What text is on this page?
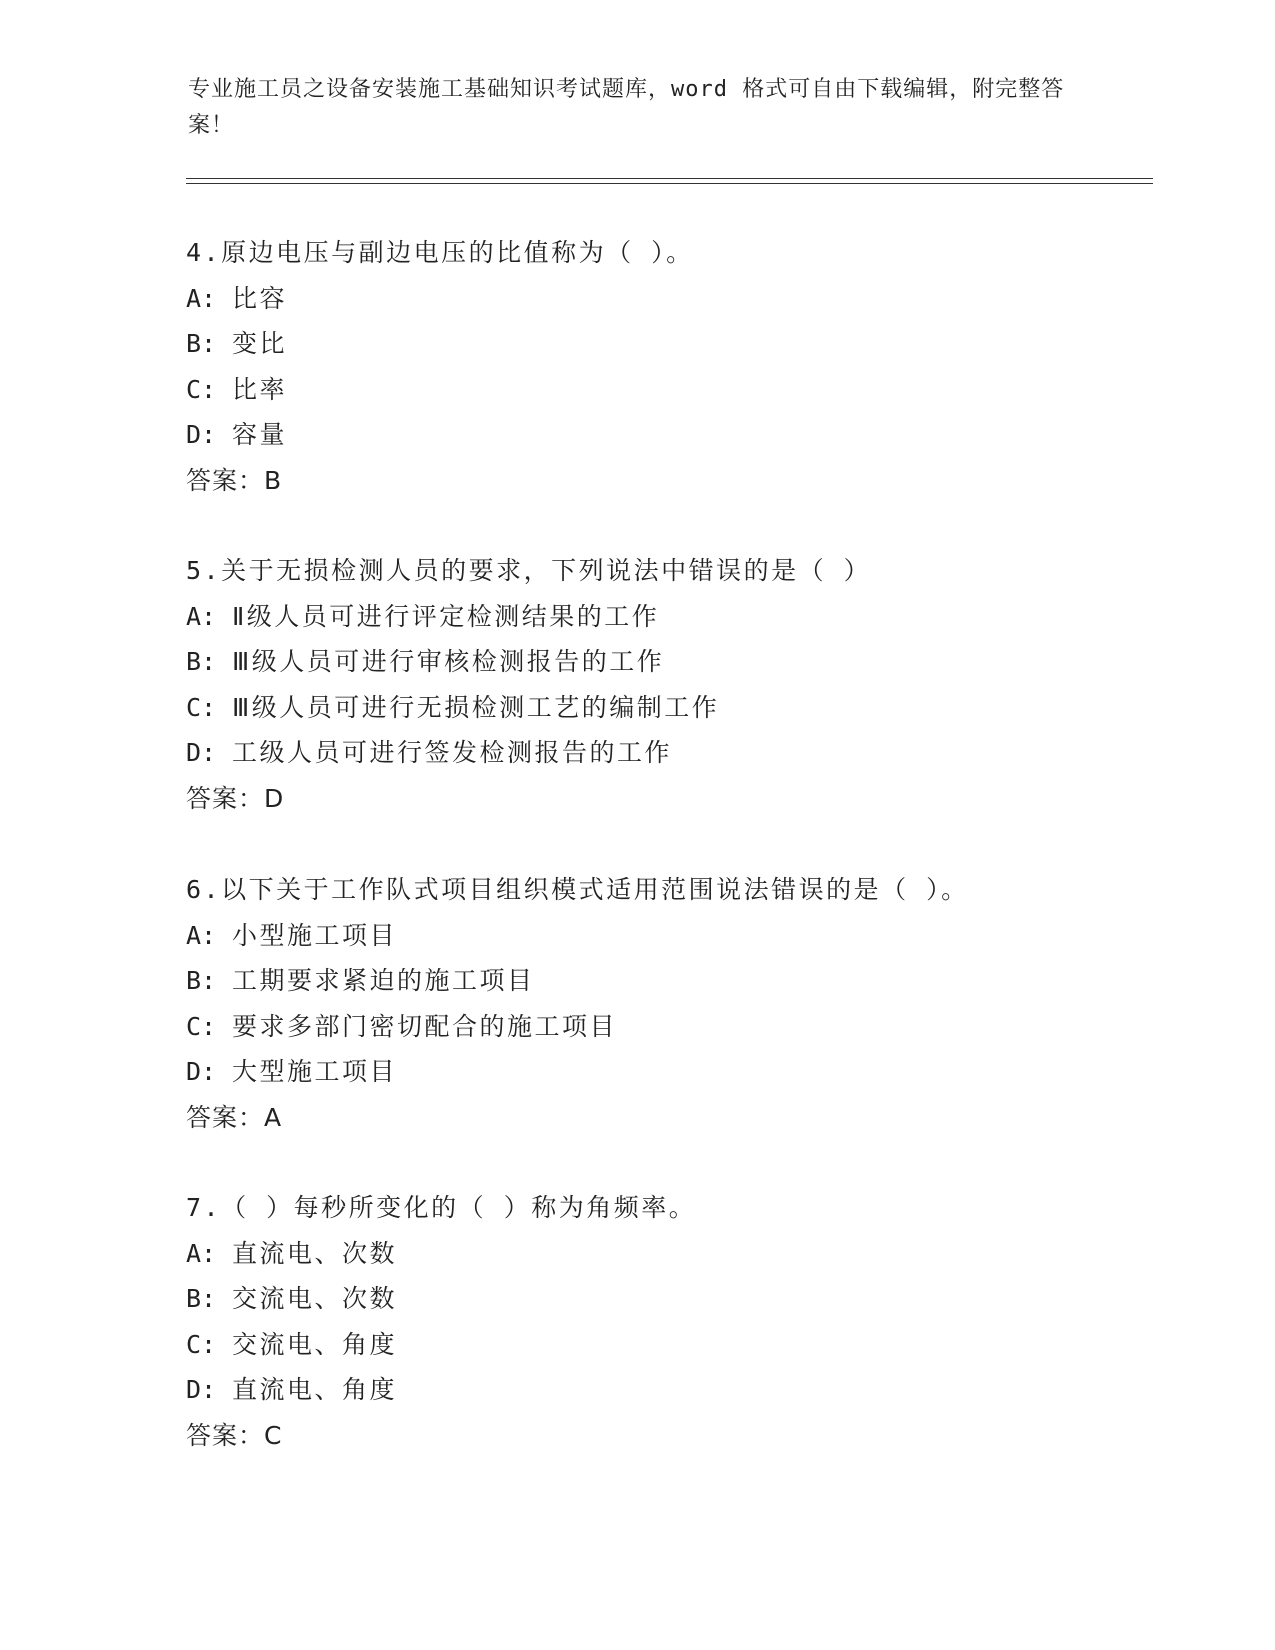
专业施工员之设备安装施工基础知识考试题库，word 格式可自由下载编辑，附完整答案！

4.原边电压与副边电压的比值称为（ ）。
A: 比容
B: 变比
C: 比率
D: 容量
答案：B
5.关于无损检测人员的要求，下列说法中错误的是（ ）
A: Ⅱ级人员可进行评定检测结果的工作
B: Ⅲ级人员可进行审核检测报告的工作
C: Ⅲ级人员可进行无损检测工艺的编制工作
D: 工级人员可进行签发检测报告的工作
答案：D
6.以下关于工作队式项目组织模式适用范围说法错误的是（ ）。
A: 小型施工项目
B: 工期要求紧迫的施工项目
C: 要求多部门密切配合的施工项目
D: 大型施工项目
答案：A
7.（ ）每秒所变化的（ ）称为角频率。
A: 直流电、次数
B: 交流电、次数
C: 交流电、角度
D: 直流电、角度
答案：C
